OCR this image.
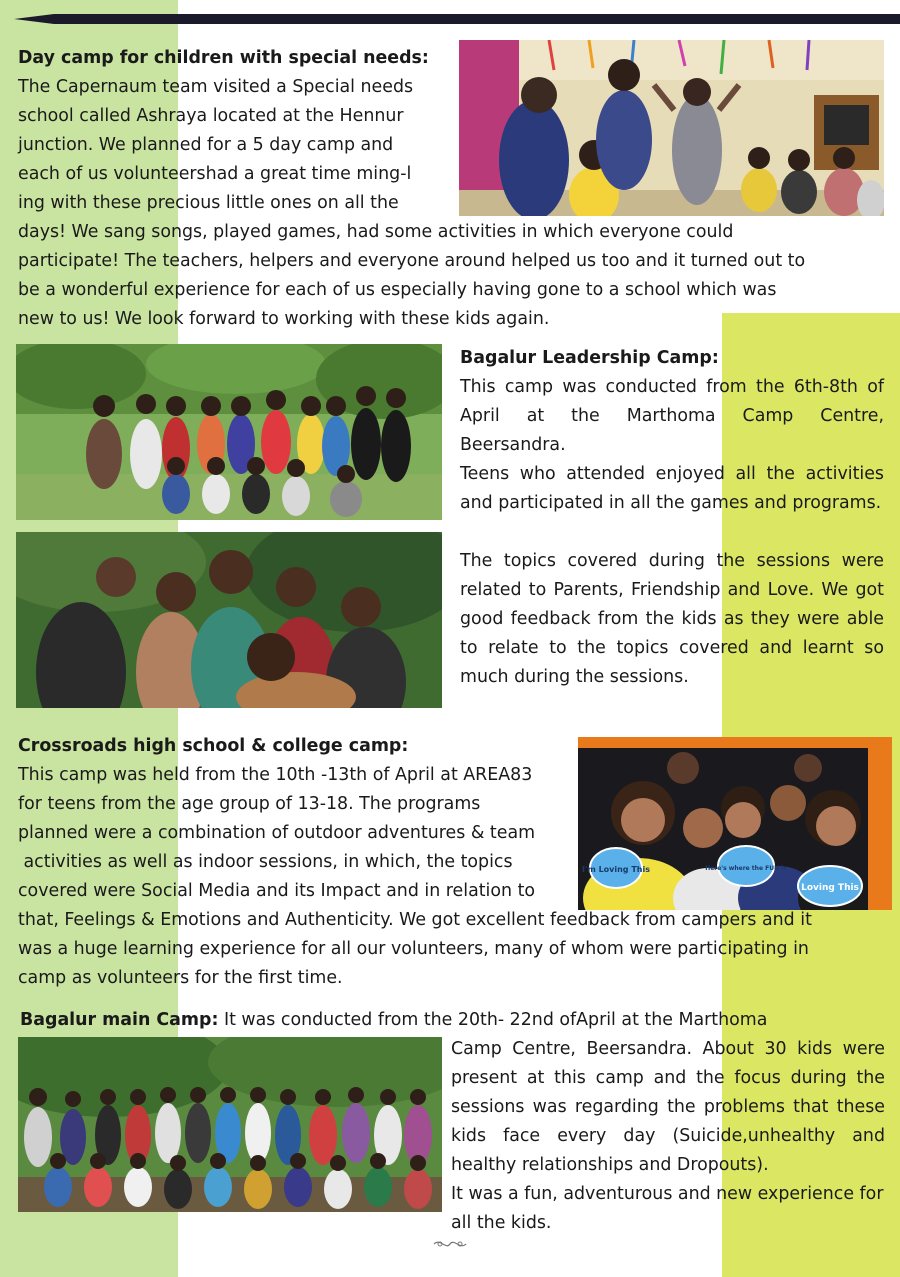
Day camp for children with special needs:
The Capernaum team visited a Special needs
school called Ashraya located at the Hennur
junction. We planned for a 5 day camp and
each of us volunteershad a great time ming-l
ing with these precious little ones on all the
days! We sang songs, played games, had some activities in which everyone could
participate! The teachers, helpers and everyone around helped us too and it turned out to
be a wonderful experience for each of us especially having gone to a school which was
new to us! We look forward to working with these kids again.
Bagalur Leadership Camp:

This camp was conducted from the 6th-8th of April at the Marthoma Camp Centre, Beersandra.

Teens who attended enjoyed all the activities and participated in all the games and programs.

The topics covered during the sessions were related to Parents, Friendship and Love. We got good feedback from the kids as they were able to relate to the topics covered and learnt so much during the sessions.

Crossroads high school & college camp:
This camp was held from the 10th -13th of April at AREA83
for teens from the age group of 13-18. The programs
planned were a combination of outdoor adventures & team
activities as well as indoor sessions, in which, the topics
covered were Social Media and its Impact and in relation to
that, Feelings & Emotions and Authenticity. We got excellent feedback from campers and it
was a huge learning experience for all our volunteers, many of whom were participating in
camp as volunteers for the first time.
I'm Loving This	Here's where the FUN is
Loving This
Bagalur main Camp: It was conducted from the 20th- 22nd ofApril at the Marthoma

Camp Centre, Beersandra. About 30 kids were present at this camp and the focus during the sessions was regarding the problems that these kids face every day (Suicide,unhealthy and healthy relationships and Dropouts).

It was a fun, adventurous and new experience for all the kids.
